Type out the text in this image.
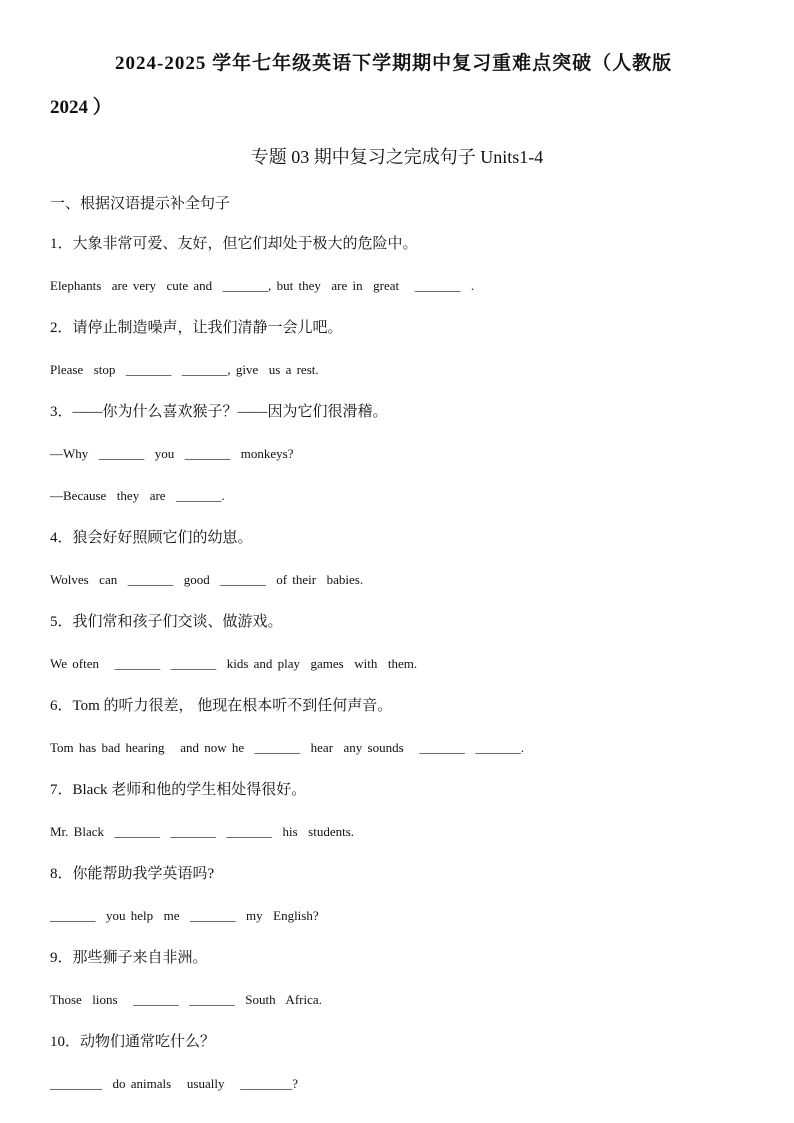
2024-2025 学年七年级英语下学期期中复习重难点突破（人教版
2024 ）
专题 03 期中复习之完成句子 Units1-4
一、根据汉语提示补全句子
1．大象非常可爱、友好，但它们却处于极大的危险中。
Elephants  are very  cute and  _______, but they  are in  great   _______  .
2．请停止制造噪声，让我们清静一会儿吧。
Please  stop  _______  _______, give  us a rest.
3．——你为什么喜欢猴子？——因为它们很滑稽。
—Why  _______  you  _______  monkeys?
—Because  they  are  _______.
4．狼会好好照顾它们的幼崽。
Wolves  can  _______  good  _______  of their  babies.
5．我们常和孩子们交谈、做游戏。
We often   _______  _______  kids and play  games  with  them.
6．Tom 的听力很差， 他现在根本听不到任何声音。
Tom has bad hearing   and now he  _______  hear  any sounds   _______  _______.
7．Black 老师和他的学生相处得很好。
Mr. Black  _______  _______  _______  his  students.
8．你能帮助我学英语吗?
_______  you help  me  _______  my  English?
9．那些狮子来自非洲。
Those  lions   _______  _______  South  Africa.
10．动物们通常吃什么？
________  do animals   usually   ________?
